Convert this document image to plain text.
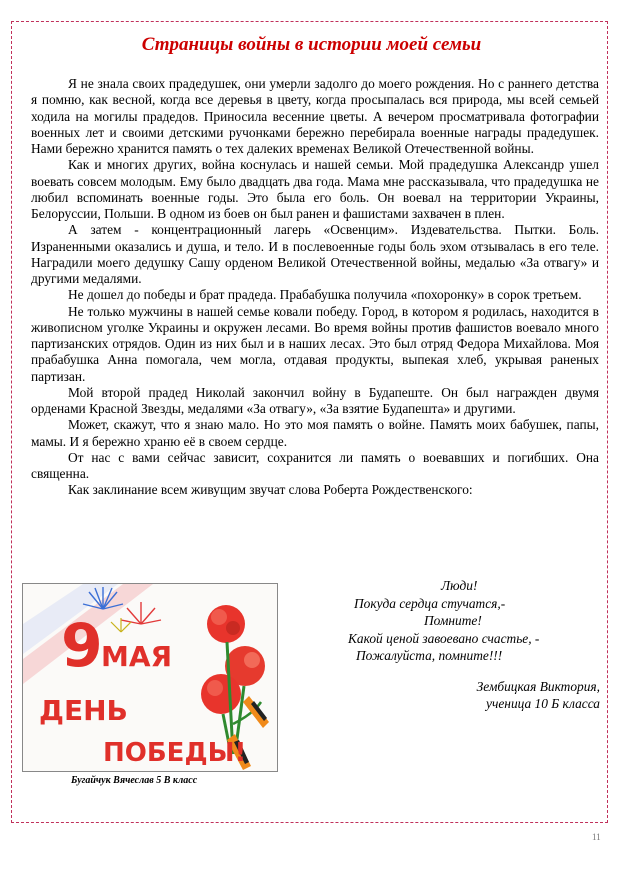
Страницы войны в истории моей семьи

Я не знала своих прадедушек, они умерли задолго до моего рождения. Но с раннего детства я помню, как весной, когда все деревья в цвету, когда просыпалась вся природа, мы всей семьей ходила на могилы прадедов. Приносила весенние цветы. А вечером просматривала фотографии военных лет и своими детскими ручонками бережно перебирала военные награды прадедушек. Нами бережно хранится память о тех далеких временах Великой Отечественной войны.

Как и многих других, война коснулась и нашей семьи. Мой прадедушка Александр ушел воевать совсем молодым. Ему было двадцать два года. Мама мне рассказывала, что прадедушка не любил вспоминать военные годы. Это была его боль. Он воевал на территории Украины, Белоруссии, Польши. В одном из боев он был ранен и фашистами захвачен в плен.

А затем - концентрационный лагерь «Освенцим». Издевательства. Пытки. Боль. Израненными оказались и душа, и тело. И в послевоенные годы боль эхом отзывалась в его теле. Наградили моего дедушку Сашу орденом Великой Отечественной войны, медалью «За отвагу» и другими медалями.

Не дошел до победы и брат прадеда. Прабабушка получила «похоронку» в сорок третьем.

Не только мужчины в нашей семье ковали победу. Город, в котором я родилась, находится в живописном уголке Украины и окружен лесами. Во время войны против фашистов воевало много партизанских отрядов. Один из них был и в наших лесах. Это был отряд Федора Михайлова. Моя прабабушка Анна помогала, чем могла, отдавая продукты, выпекая хлеб, укрывая раненых партизан.

Мой второй прадед Николай закончил войну в Будапеште. Он был награжден двумя орденами Красной Звезды, медалями «За отвагу», «За взятие Будапешта» и другими.

Может, скажут, что я знаю мало. Но это моя память о войне. Память моих бабушек, папы, мамы. И я бережно храню её в своем сердце.

От нас с вами сейчас зависит, сохранится ли память о воевавших и погибших. Она священна.

Как заклинание всем живущим звучат слова Роберта Рождественского:

9
МАЯ
ДЕНЬ
ПОБЕДЫ!
Бугайчук Вячеслав 5 В класс
Люди!
Покуда сердца стучатся,-
Помните!
Какой ценой завоевано счастье, -
Пожалуйста, помните!!!
Зембицкая Виктория,
ученица 10 Б класса
11
